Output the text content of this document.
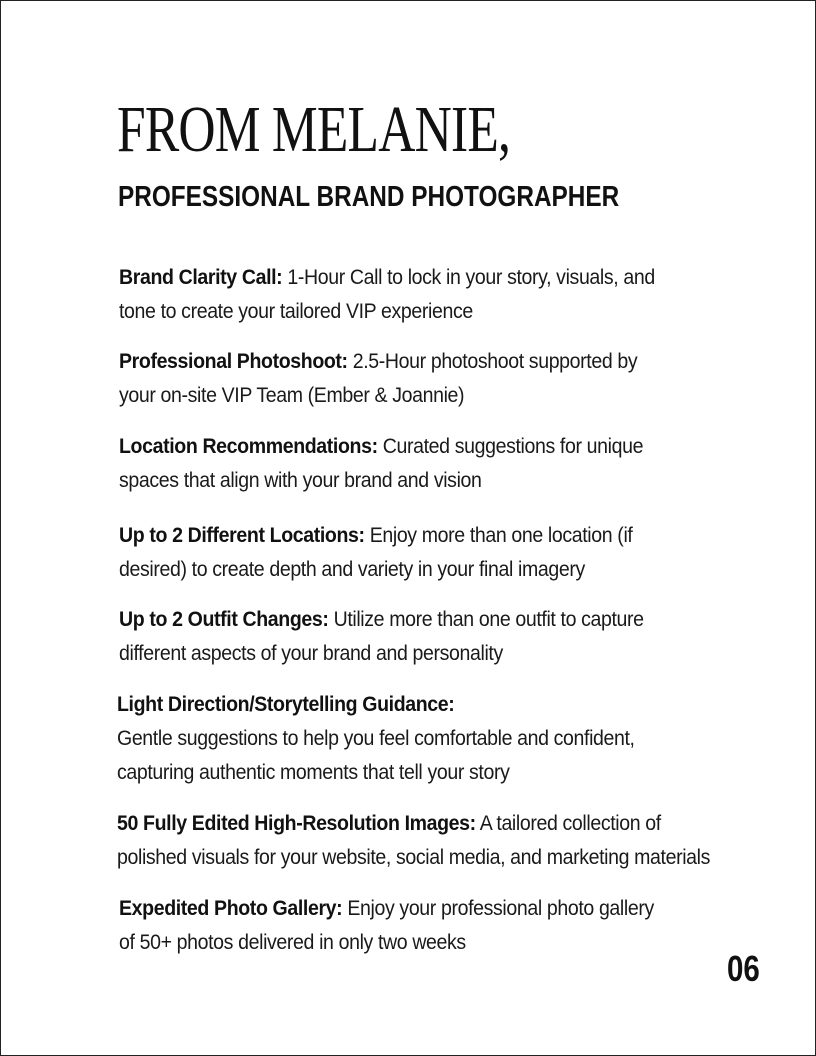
FROM MELANIE,
PROFESSIONAL BRAND PHOTOGRAPHER

Brand Clarity Call: 1-Hour Call to lock in your story, visuals, and
tone to create your tailored VIP experience

Professional Photoshoot: 2.5-Hour photoshoot supported by
your on-site VIP Team (Ember & Joannie)

Location Recommendations: Curated suggestions for unique
spaces that align with your brand and vision

Up to 2 Different Locations: Enjoy more than one location (if
desired) to create depth and variety in your final imagery

Up to 2 Outfit Changes: Utilize more than one outfit to capture
different aspects of your brand and personality

Light Direction/Storytelling Guidance:
Gentle suggestions to help you feel comfortable and confident,
capturing authentic moments that tell your story

50 Fully Edited High-Resolution Images: A tailored collection of
polished visuals for your website, social media, and marketing materials

Expedited Photo Gallery: Enjoy your professional photo gallery
of 50+ photos delivered in only two weeks

06
